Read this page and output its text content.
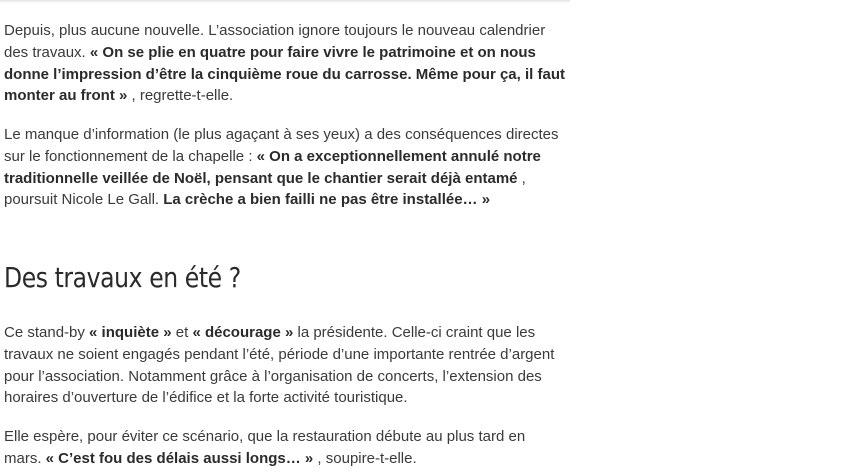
Depuis, plus aucune nouvelle. L’association ignore toujours le nouveau calendrier des travaux. « On se plie en quatre pour faire vivre le patrimoine et on nous donne l’impression d’être la cinquième roue du carrosse. Même pour ça, il faut monter au front » , regrette-t-elle.

Le manque d’information (le plus agaçant à ses yeux) a des conséquences directes sur le fonctionnement de la chapelle : « On a exceptionnellement annulé notre traditionnelle veillée de Noël, pensant que le chantier serait déjà entamé , poursuit Nicole Le Gall. La crèche a bien failli ne pas être installée… »

Des travaux en été ?

Ce stand-by « inquiète » et « décourage » la présidente. Celle-ci craint que les travaux ne soient engagés pendant l’été, période d’une importante rentrée d’argent pour l’association. Notamment grâce à l’organisation de concerts, l’extension des horaires d’ouverture de l’édifice et la forte activité touristique.

Elle espère, pour éviter ce scénario, que la restauration débute au plus tard en mars. « C’est fou des délais aussi longs… » , soupire-t-elle.
